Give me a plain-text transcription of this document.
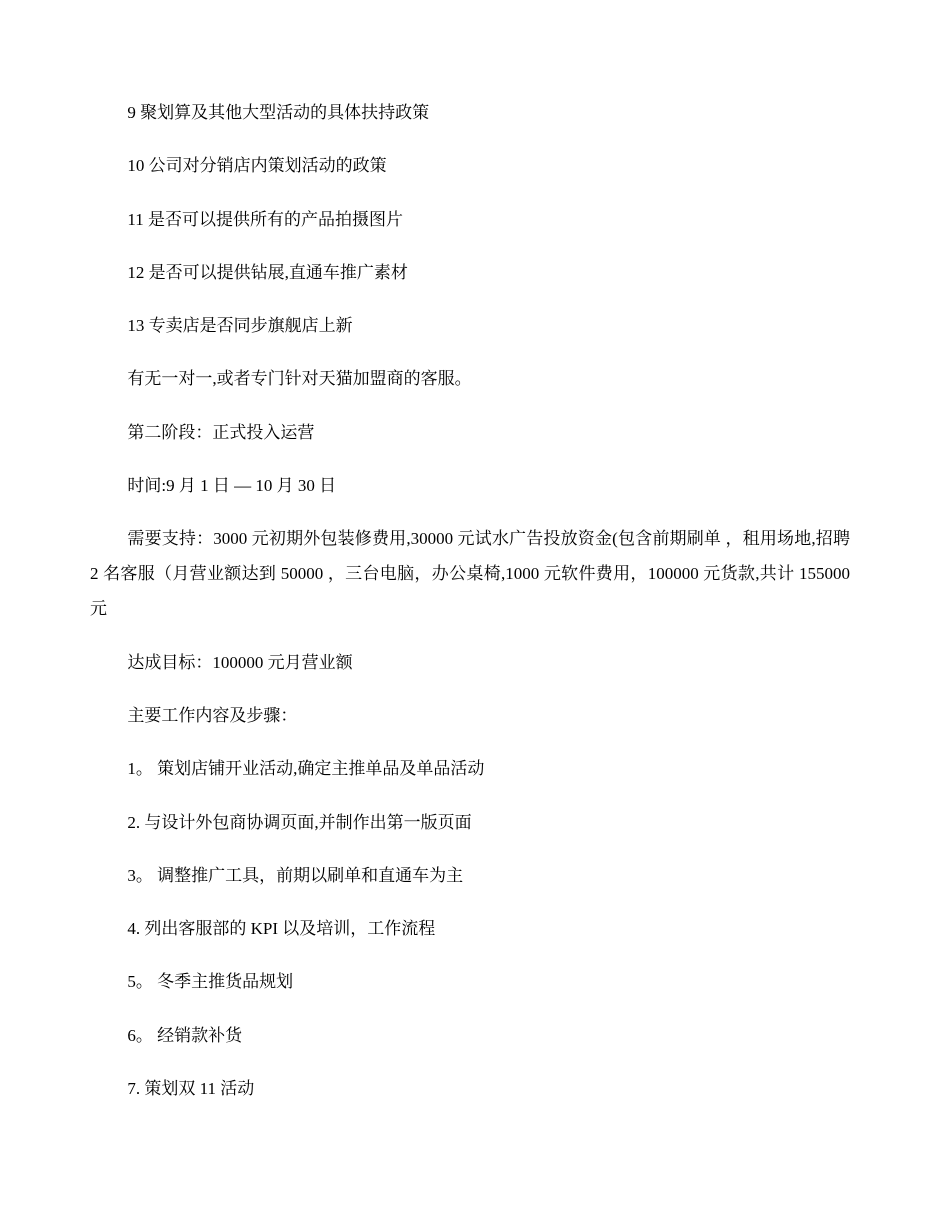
9 聚划算及其他大型活动的具体扶持政策

10 公司对分销店内策划活动的政策

11 是否可以提供所有的产品拍摄图片

12 是否可以提供钻展,直通车推广素材

13 专卖店是否同步旗舰店上新

有无一对一,或者专门针对天猫加盟商的客服。

第二阶段：正式投入运营

时间:9 月 1 日 — 10 月 30 日

需要支持：3000 元初期外包装修费用,30000 元试水广告投放资金(包含前期刷单 ，租用场地,招聘 2 名客服（月营业额达到 50000 ，三台电脑，办公桌椅,1000 元软件费用，100000 元货款,共计 155000 元

达成目标：100000 元月营业额

主要工作内容及步骤：

1。 策划店铺开业活动,确定主推单品及单品活动

2. 与设计外包商协调页面,并制作出第一版页面

3。 调整推广工具，前期以刷单和直通车为主

4. 列出客服部的 KPI 以及培训，工作流程

5。 冬季主推货品规划

6。 经销款补货

7. 策划双 11 活动
